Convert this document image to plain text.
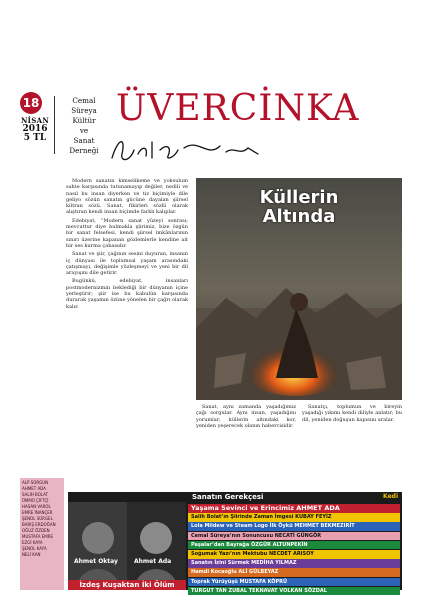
18
NİSAN
2016
5 TL
Cemal
Süreya
Kültür
ve
Sanat
Derneği
ÜVERCİNKA

Modern sanatın kimselikeme ve yoksulum sahte karşısında tutunamayıp değiler, nedili ve nasıl bu insan diyerken ve tiz biçimiyle dile geliyo sözün sanatın gücüne dayalan şiirsel kiltran sözü. Sanat, fikirleri sözlü olarak alıştıran kendi insan biçimde farklı kalıplar.

Edebiyat, “Modern sanat yüzeyi sonrası; mevcuttur diye bulmakla şiirimiz, bize özgün bir sanat felsefesi, kendi şiirsel imkânlarının sınırı üzerine kapanan gözlemlerle kendine ait bir ses kurma çabasıdır.

Sanat ve şiir, çağının sesini duyuran, insanın iç dünyası ile toplumsal yaşam arasındaki çatışmayı, değişimle yüzleşmeyi ve yeni bir dil arayışını dile getirir.

Bugünkü, edebiyat, insanları postmodernizmin beklediği bir dünyanın içine yerleştirir; şiir ise bu kabulün karşısında durarak yaşamın özüne yönelen bir çağrı olarak kalır.

Küllerin
Altında

Sanat, aynı zamanda yaşadığımız çağı sorgular. Aynı insan, yaşadığını yorumlar; küllerin altındaki kor, yeniden yeşerecek olanın habercisidir.

Sanatçı, toplumun ve bireyin yaşadığı yıkımı kendi diliyle anlatır; bu dil, yeniden doğuşun kapısını aralar.

ALP SORGUN
AHMET ADA
SALİH BOLAT
ÜMMÜ ÇİFTÇİ
HASAN VAROL
EMRE İNANÇER
ŞENOL SÜRGEL
BARIŞ ERDOĞAN
OĞUZ ÖZDEN
MUSTAFA EMRE
EZGİ KAYA
ŞENOL KAYA
NELİ KAN
Ahmet Oktay	Ahmet Ada
İzdeş Kuşaktan İki Ölüm
Sanatın Gerekçesi	Kedi
Yaşama Sevinci ve Erincimiz AHMET ADA
Salih Bolat’ın Şiirinde Zaman İmgesi KUBAY FEYİZ
Lola Mildew ve Steam Logo İlk Öykü MEHMET BEKMEZIRİT
Cemal Süreya’nın Sonuncusu NECATİ GÜNGÖR
Paşalar’dan Bayrağa ÖZGÜR ALTUNPEKİN
Soğumak Yazı’nın Mektubu NECDET ARISOY
Sanatın İzini Sürmek MEDİHA YILMAZ
Hamdi Kocaoğlu ALİ GÜLBEYAZ
Toprak Yürüyüşü MUSTAFA KÖPRÜ
TURGUT TAN ZUBAL TEKNAVAT VOLKAN SÖZDAL
